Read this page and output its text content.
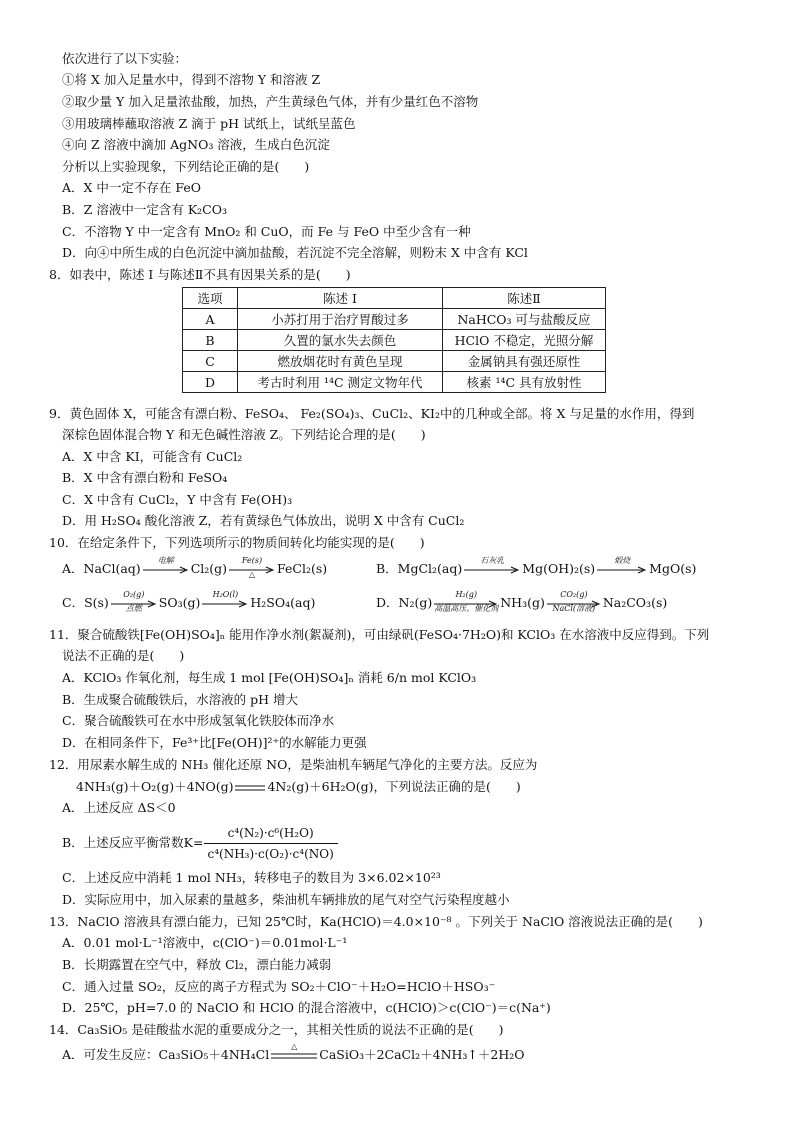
依次进行了以下实验：
①将 X 加入足量水中，得到不溶物 Y 和溶液 Z
②取少量 Y 加入足量浓盐酸，加热，产生黄绿色气体，并有少量红色不溶物
③用玻璃棒蘸取溶液 Z 滴于 pH 试纸上，试纸呈蓝色
④向 Z 溶液中滴加 AgNO₃ 溶液，生成白色沉淀
分析以上实验现象，下列结论正确的是(　　)
A．X 中一定不存在 FeO
B．Z 溶液中一定含有 K₂CO₃
C．不溶物 Y 中一定含有 MnO₂ 和 CuO，而 Fe 与 FeO 中至少含有一种
D．向④中所生成的白色沉淀中滴加盐酸，若沉淀不完全溶解，则粉末 X 中含有 KCl
8．如表中，陈述 I 与陈述Ⅱ不具有因果关系的是(　　)
选项	陈述 I	陈述Ⅱ
A	小苏打用于治疗胃酸过多	NaHCO₃ 可与盐酸反应
B	久置的氯水失去颜色	HClO 不稳定，光照分解
C	燃放烟花时有黄色呈现	金属钠具有强还原性
D	考古时利用 ¹⁴C 测定文物年代	核素 ¹⁴C 具有放射性
9．黄色固体 X，可能含有漂白粉、FeSO₄、 Fe₂(SO₄)₃、CuCl₂、KI₂中的几种或全部。将 X 与足量的水作用，得到
深棕色固体混合物 Y 和无色碱性溶液 Z。下列结论合理的是(　　)
A．X 中含 KI，可能含有 CuCl₂
B．X 中含有漂白粉和 FeSO₄
C．X 中含有 CuCl₂，Y 中含有 Fe(OH)₃
D．用 H₂SO₄ 酸化溶液 Z，若有黄绿色气体放出，说明 X 中含有 CuCl₂
10．在给定条件下，下列选项所示的物质间转化均能实现的是(　　)
A．NaCl(aq)
电解
Cl₂(g)
Fe(s)
△	FeCl₂(s)	B．MgCl₂(aq)
石灰乳
Mg(OH)₂(s)
煅烧
MgO(s)
C．S(s)
O₂(g)
点燃	SO₃(g)
H₂O(l)
H₂SO₄(aq)	D．N₂(g)
H₂(g)
高温高压、催化剂 NH₃(g)
CO₂(g)
NaCl(溶液) Na₂CO₃(s)
11．聚合硫酸铁[Fe(OH)SO₄]ₙ 能用作净水剂(絮凝剂)，可由绿矾(FeSO₄·7H₂O)和 KClO₃ 在水溶液中反应得到。下列
说法不正确的是(　　)
A．KClO₃ 作氧化剂，每生成 1 mol [Fe(OH)SO₄]ₙ 消耗 6/n mol KClO₃
B．生成聚合硫酸铁后，水溶液的 pH 增大
C．聚合硫酸铁可在水中形成氢氧化铁胶体而净水
D．在相同条件下，Fe³⁺比[Fe(OH)]²⁺的水解能力更强
12．用尿素水解生成的 NH₃ 催化还原 NO，是柴油机车辆尾气净化的主要方法。反应为
4NH₃(g)＋O₂(g)＋4NO(g)	4N₂(g)＋6H₂O(g)，下列说法正确的是(　　)
A．上述反应 ΔS＜0
B．上述反应平衡常数$K= \frac{\text{c⁴(N₂)·c⁶(H₂O)}}{\text{c⁴(NH₃)·c(O₂)·c⁴(NO)}}$
C．上述反应中消耗 1 mol NH₃，转移电子的数目为 3×6.02×10²³
D．实际应用中，加入尿素的量越多，柴油机车辆排放的尾气对空气污染程度越小
13．NaClO 溶液具有漂白能力，已知 25℃时，Ka(HClO)＝4.0×10⁻⁸ 。下列关于 NaClO 溶液说法正确的是(　　)
A．0.01 mol·L⁻¹溶液中，c(ClO⁻)＝0.01mol·L⁻¹
B．长期露置在空气中，释放 Cl₂，漂白能力减弱
C．通入过量 SO₂，反应的离子方程式为 SO₂＋ClO⁻＋H₂O=HClO＋HSO₃⁻
D．25℃，pH=7.0 的 NaClO 和 HClO 的混合溶液中，c(HClO)＞c(ClO⁻)＝c(Na⁺)
14．Ca₃SiO₅ 是硅酸盐水泥的重要成分之一，其相关性质的说法不正确的是(　　)
A．可发生反应：Ca₃SiO₅＋4NH₄Cl
△
CaSiO₃＋2CaCl₂＋4NH₃↑＋2H₂O
